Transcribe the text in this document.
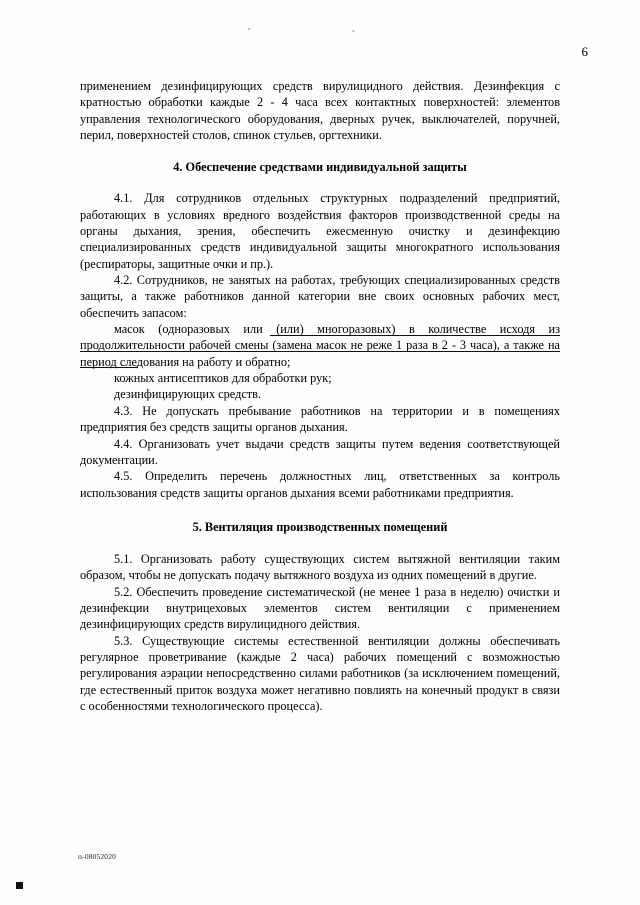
6

применением дезинфицирующих средств вирулицидного действия. Дезинфекция с кратностью обработки каждые 2 - 4 часа всех контактных поверхностей: элементов управления технологического оборудования, дверных ручек, выключателей, поручней, перил, поверхностей столов, спинок стульев, оргтехники.

4. Обеспечение средствами индивидуальной защиты

4.1. Для сотрудников отдельных структурных подразделений предприятий, работающих в условиях вредного воздействия факторов производственной среды на органы дыхания, зрения, обеспечить ежесменную очистку и дезинфекцию специализированных средств индивидуальной защиты многократного использования (респираторы, защитные очки и пр.).

4.2. Сотрудников, не занятых на работах, требующих специализированных средств защиты, а также работников данной категории вне своих основных рабочих мест, обеспечить запасом:

масок (одноразовых или (или) многоразовых) в количестве исходя из продолжительности рабочей смены (замена масок не реже 1 раза в 2 - 3 часа), а также на период следования на работу и обратно;

кожных антисептиков для обработки рук;

дезинфицирующих средств.

4.3. Не допускать пребывание работников на территории и в помещениях предприятия без средств защиты органов дыхания.

4.4. Организовать учет выдачи средств защиты путем ведения соответствующей документации.

4.5. Определить перечень должностных лиц, ответственных за контроль использования средств защиты органов дыхания всеми работниками предприятия.

5. Вентиляция производственных помещений

5.1. Организовать работу существующих систем вытяжной вентиляции таким образом, чтобы не допускать подачу вытяжного воздуха из одних помещений в другие.

5.2. Обеспечить проведение систематической (не менее 1 раза в неделю) очистки и дезинфекции внутрицеховых элементов систем вентиляции с применением дезинфицирующих средств вирулицидного действия.

5.3. Существующие системы естественной вентиляции должны обеспечивать регулярное проветривание (каждые 2 часа) рабочих помещений с возможностью регулирования аэрации непосредственно силами работников (за исключением помещений, где естественный приток воздуха может негативно повлиять на конечный продукт в связи с особенностями технологического процесса).

п-08052020
